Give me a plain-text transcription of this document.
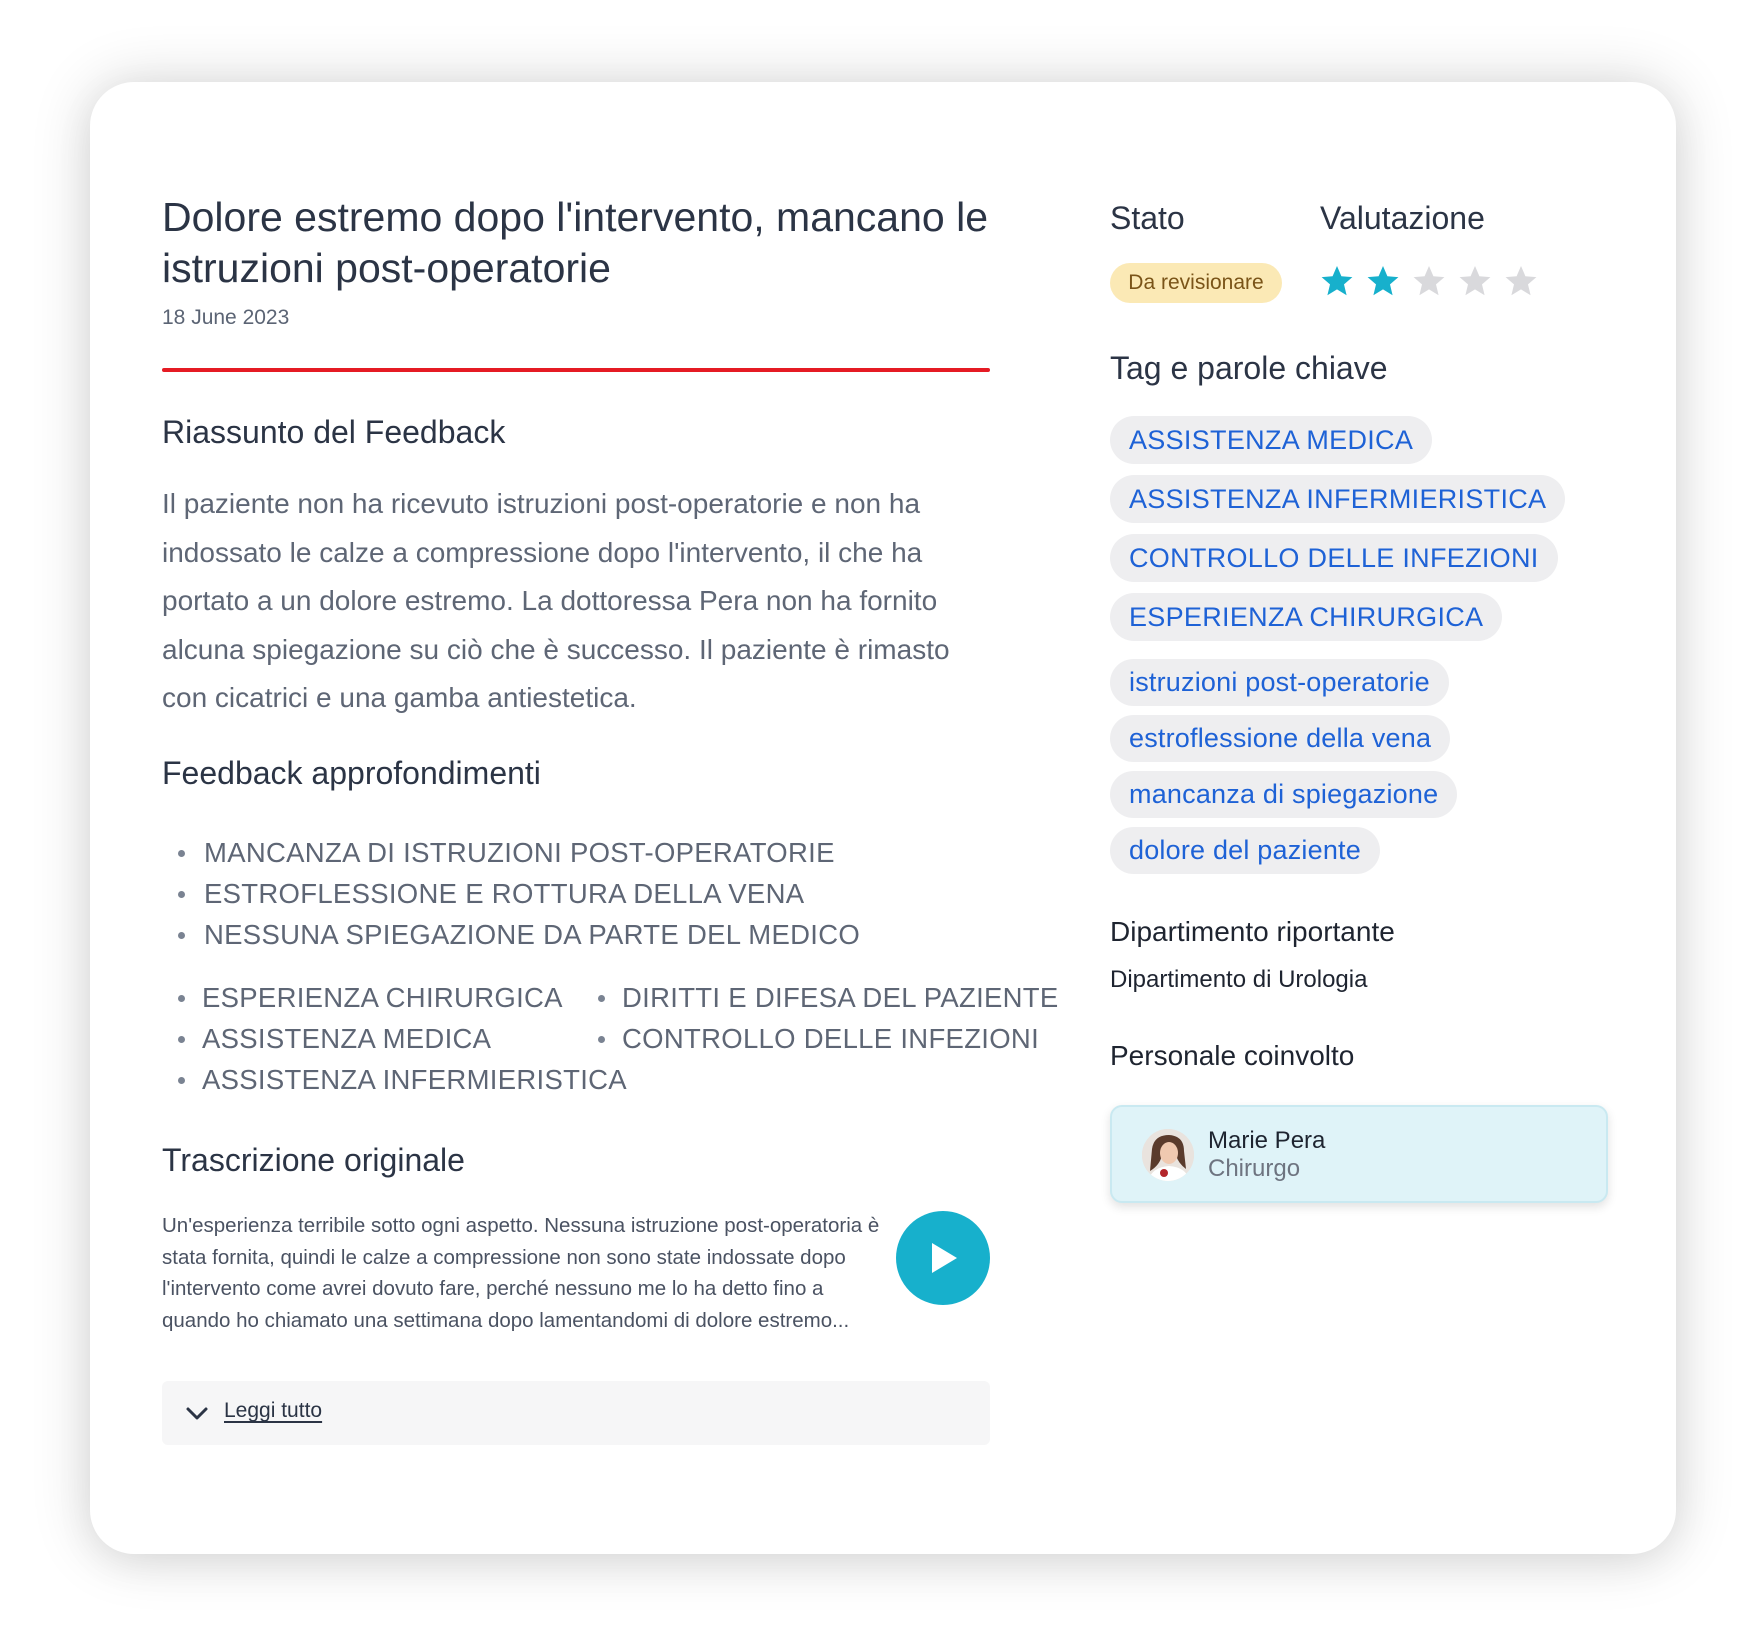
Dolore estremo dopo l'intervento, mancano le istruzioni post-operatorie
18 June 2023
Riassunto del Feedback
Il paziente non ha ricevuto istruzioni post-operatorie e non ha indossato le calze a compressione dopo l'intervento, il che ha portato a un dolore estremo. La dottoressa Pera non ha fornito alcuna spiegazione su ciò che è successo. Il paziente è rimasto con cicatrici e una gamba antiestetica.
Feedback approfondimenti
MANCANZA DI ISTRUZIONI POST-OPERATORIE
ESTROFLESSIONE E ROTTURA DELLA VENA
NESSUNA SPIEGAZIONE DA PARTE DEL MEDICO
ESPERIENZA CHIRURGICA
ASSISTENZA MEDICA
ASSISTENZA INFERMIERISTICA
DIRITTI E DIFESA DEL PAZIENTE
CONTROLLO DELLE INFEZIONI
Trascrizione originale
Un'esperienza terribile sotto ogni aspetto. Nessuna istruzione post-operatoria è stata fornita, quindi le calze a compressione non sono state indossate dopo l'intervento come avrei dovuto fare, perché nessuno me lo ha detto fino a quando ho chiamato una settimana dopo lamentandomi di dolore estremo...
Leggi tutto
Stato	Valutazione
Da revisionare
Tag e parole chiave
ASSISTENZA MEDICA
ASSISTENZA INFERMIERISTICA
CONTROLLO DELLE INFEZIONI
ESPERIENZA CHIRURGICA
istruzioni post-operatorie
estroflessione della vena
mancanza di spiegazione
dolore del paziente
Dipartimento riportante
Dipartimento di Urologia
Personale coinvolto
Marie Pera
Chirurgo
